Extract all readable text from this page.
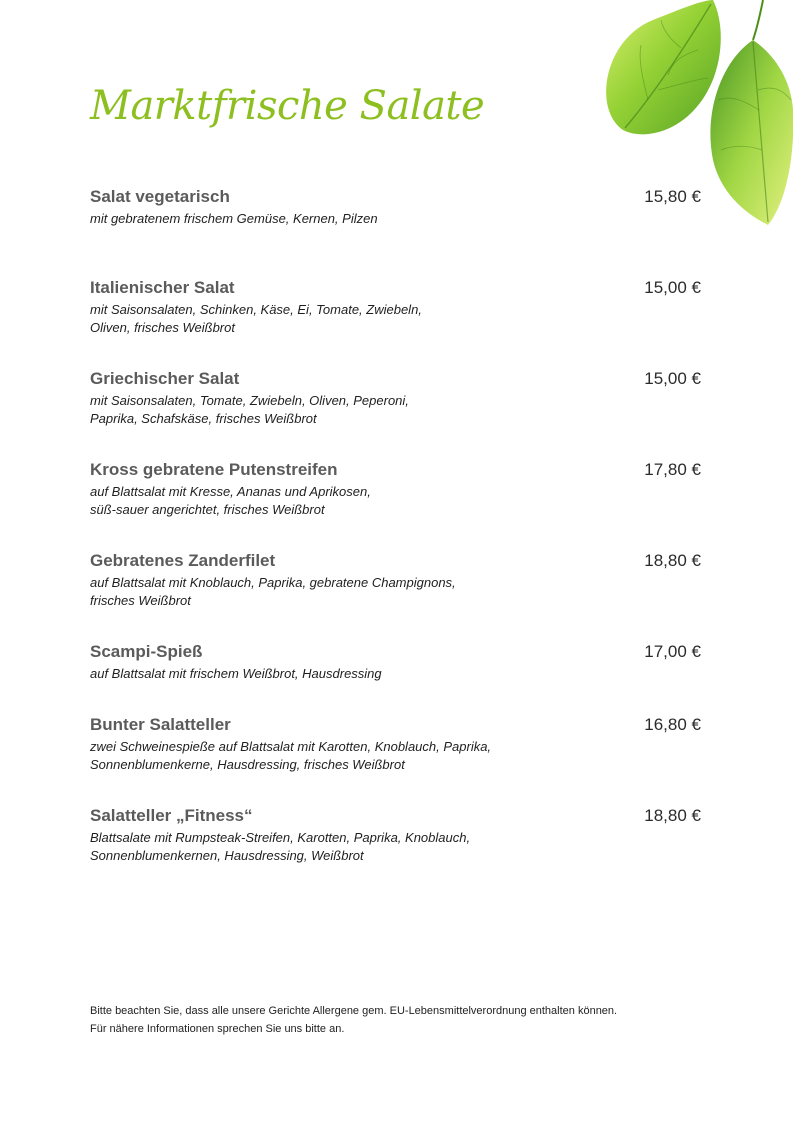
Marktfrische Salate
Salat vegetarisch	15,80 €
mit gebratenem frischem Gemüse, Kernen, Pilzen
Italienischer Salat	15,00 €
mit Saisonsalaten, Schinken, Käse, Ei, Tomate, Zwiebeln,
Oliven, frisches Weißbrot
Griechischer Salat	15,00 €
mit Saisonsalaten, Tomate, Zwiebeln, Oliven, Peperoni,
Paprika, Schafskäse, frisches Weißbrot
Kross gebratene Putenstreifen	17,80 €
auf Blattsalat mit Kresse, Ananas und Aprikosen,
süß-sauer angerichtet, frisches Weißbrot
Gebratenes Zanderfilet	18,80 €
auf Blattsalat mit Knoblauch, Paprika, gebratene Champignons,
frisches Weißbrot
Scampi-Spieß	17,00 €
auf Blattsalat mit frischem Weißbrot, Hausdressing
Bunter Salatteller	16,80 €
zwei Schweinespieße auf Blattsalat mit Karotten, Knoblauch, Paprika,
Sonnenblumenkerne, Hausdressing, frisches Weißbrot
Salatteller „Fitness“	18,80 €
Blattsalate mit Rumpsteak-Streifen, Karotten, Paprika, Knoblauch,
Sonnenblumenkernen, Hausdressing, Weißbrot
Bitte beachten Sie, dass alle unsere Gerichte Allergene gem. EU-Lebensmittelverordnung enthalten können.
Für nähere Informationen sprechen Sie uns bitte an.
